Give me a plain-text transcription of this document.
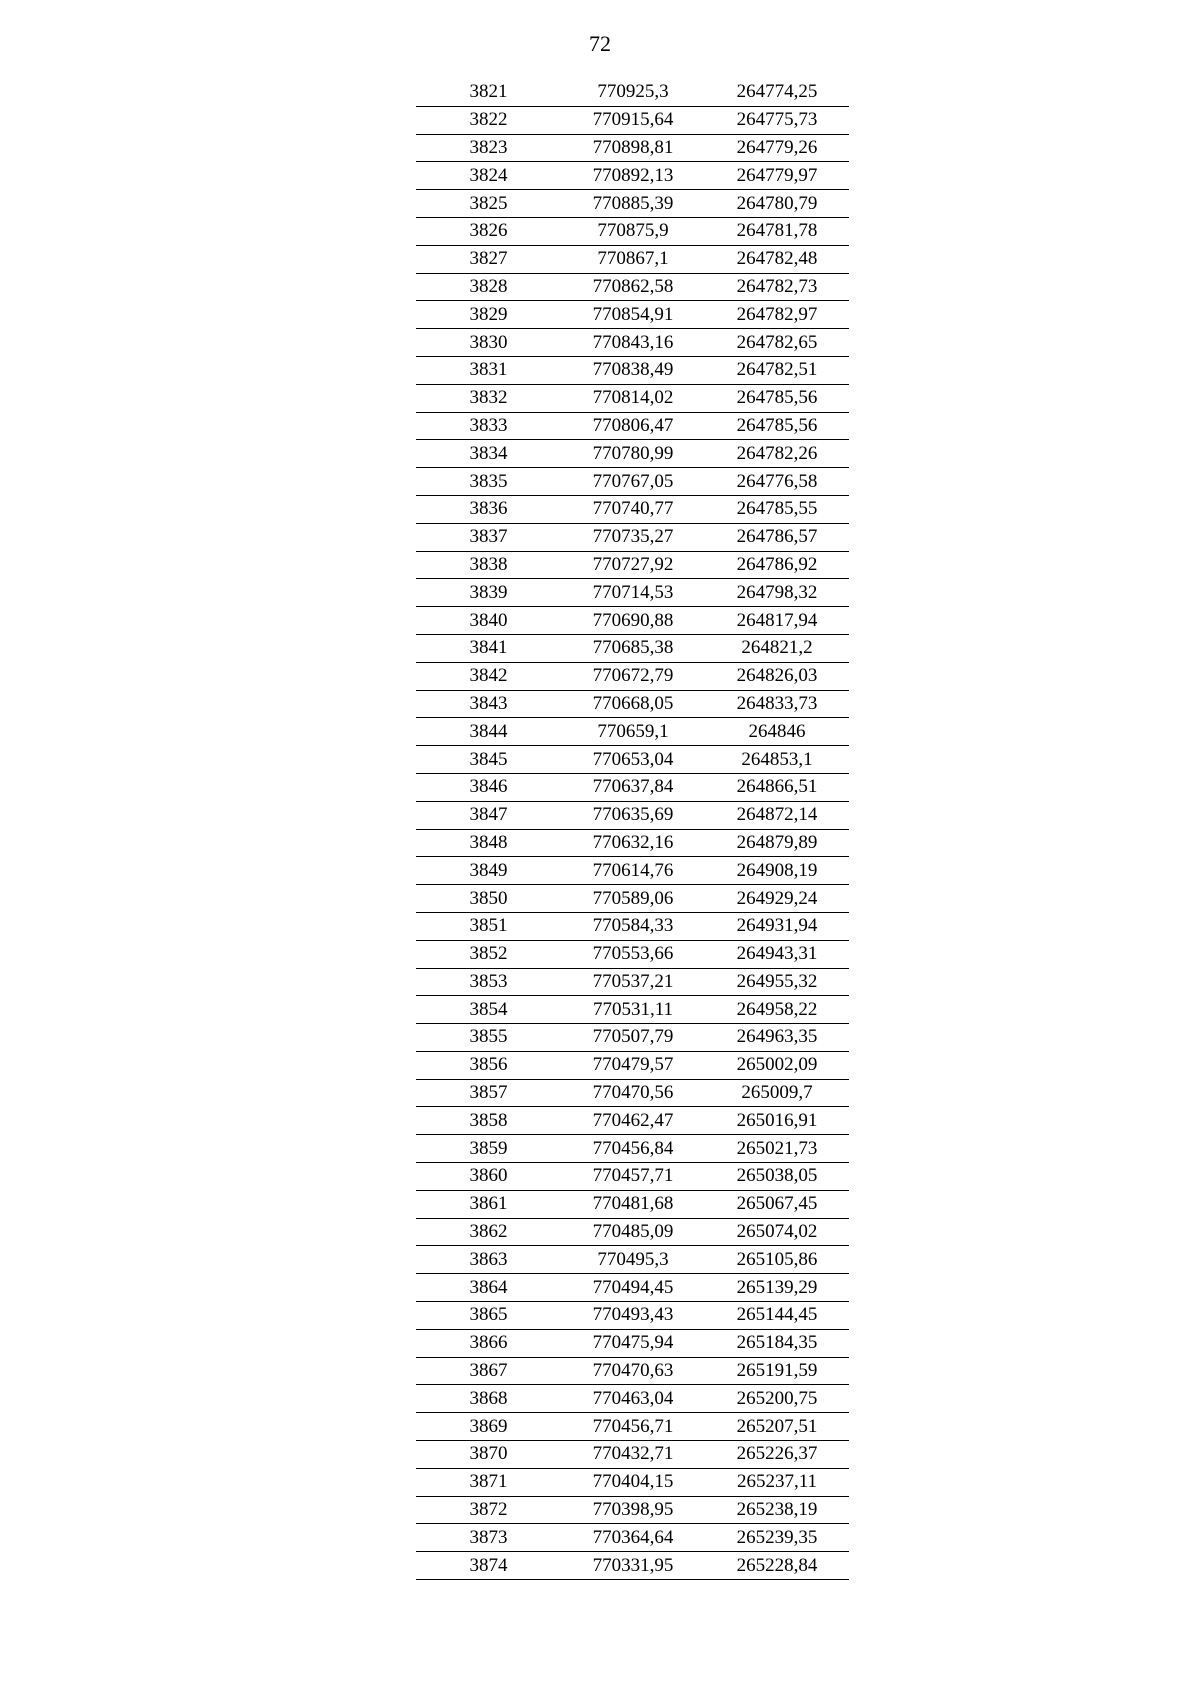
72
3821	770925,3	264774,25
3822	770915,64	264775,73
3823	770898,81	264779,26
3824	770892,13	264779,97
3825	770885,39	264780,79
3826	770875,9	264781,78
3827	770867,1	264782,48
3828	770862,58	264782,73
3829	770854,91	264782,97
3830	770843,16	264782,65
3831	770838,49	264782,51
3832	770814,02	264785,56
3833	770806,47	264785,56
3834	770780,99	264782,26
3835	770767,05	264776,58
3836	770740,77	264785,55
3837	770735,27	264786,57
3838	770727,92	264786,92
3839	770714,53	264798,32
3840	770690,88	264817,94
3841	770685,38	264821,2
3842	770672,79	264826,03
3843	770668,05	264833,73
3844	770659,1	264846
3845	770653,04	264853,1
3846	770637,84	264866,51
3847	770635,69	264872,14
3848	770632,16	264879,89
3849	770614,76	264908,19
3850	770589,06	264929,24
3851	770584,33	264931,94
3852	770553,66	264943,31
3853	770537,21	264955,32
3854	770531,11	264958,22
3855	770507,79	264963,35
3856	770479,57	265002,09
3857	770470,56	265009,7
3858	770462,47	265016,91
3859	770456,84	265021,73
3860	770457,71	265038,05
3861	770481,68	265067,45
3862	770485,09	265074,02
3863	770495,3	265105,86
3864	770494,45	265139,29
3865	770493,43	265144,45
3866	770475,94	265184,35
3867	770470,63	265191,59
3868	770463,04	265200,75
3869	770456,71	265207,51
3870	770432,71	265226,37
3871	770404,15	265237,11
3872	770398,95	265238,19
3873	770364,64	265239,35
3874	770331,95	265228,84
